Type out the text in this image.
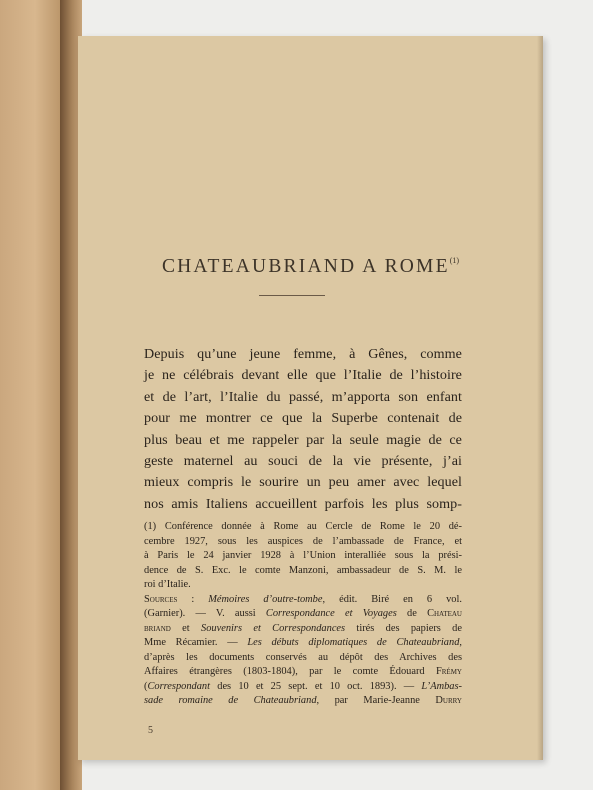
CHATEAUBRIAND A ROME$^{(1)}$
Depuis qu’une jeune femme, à Gênes, comme
je ne célébrais devant elle que l’Italie de l’histoire
et de l’art, l’Italie du passé, m’apporta son enfant
pour me montrer ce que la Superbe contenait de
plus beau et me rappeler par la seule magie de ce
geste maternel au souci de la vie présente, j’ai
mieux compris le sourire un peu amer avec lequel
nos amis Italiens accueillent parfois les plus somp-
(1) Conférence donnée à Rome au Cercle de Rome le 20 dé-
cembre 1927, sous les auspices de l’ambassade de France, et
à Paris le 24 janvier 1928 à l’Union interalliée sous la prési-
dence de S. Exc. le comte Manzoni, ambassadeur de S. M. le
roi d’Italie.
Sources : Mémoires d’outre-tombe, édit. Biré en 6 vol.
(Garnier). — V. aussi Correspondance et Voyages de Chateau
briand et Souvenirs et Correspondances tirés des papiers de
Mme Récamier. — Les débuts diplomatiques de Chateaubriand,
d’après les documents conservés au dépôt des Archives des
Affaires étrangères (1803-1804), par le comte Édouard Frémy
(Correspondant des 10 et 25 sept. et 10 oct. 1893). — L’Ambas-
sade romaine de Chateaubriand, par Marie-Jeanne Durry
5
